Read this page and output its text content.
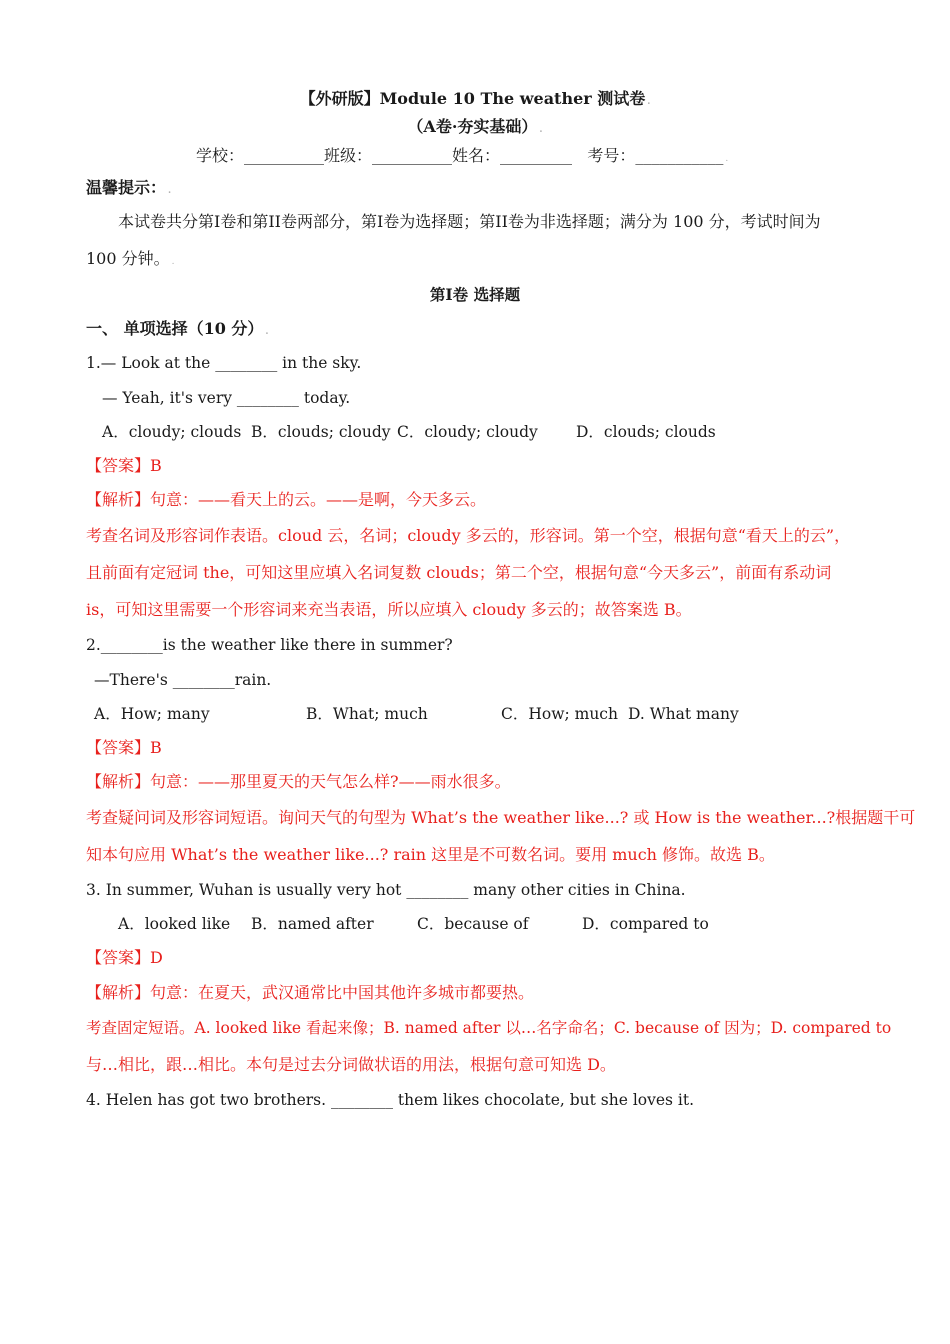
【外研版】Module 10 The weather 测试卷 .
（A卷·夯实基础） .
学校：__________班级：__________姓名：_________ 考号：___________ .
温馨提示： .
本试卷共分第I卷和第II卷两部分，第I卷为选择题；第II卷为非选择题；满分为 100 分，考试时间为
100 分钟。 .
第I卷 选择题
一、 单项选择（10 分） .
1.— Look at the ________ in the sky.
— Yeah, it's very ________ today.
A．cloudy; clouds B．clouds; cloudy C．cloudy; cloudy D．clouds; clouds
【答案】B
【解析】句意：——看天上的云。——是啊，今天多云。
考查名词及形容词作表语。cloud 云，名词；cloudy 多云的，形容词。第一个空，根据句意“看天上的云”，
且前面有定冠词 the，可知这里应填入名词复数 clouds；第二个空，根据句意“今天多云”，前面有系动词
is，可知这里需要一个形容词来充当表语，所以应填入 cloudy 多云的；故答案选 B。
2.________is the weather like there in summer?
—There's ________rain.
A．How; many	B．What; much	C．How; much D. What many
【答案】B
【解析】句意：——那里夏天的天气怎么样?——雨水很多。
考查疑问词及形容词短语。询问天气的句型为 What’s the weather like...? 或 How is the weather...?根据题干可
知本句应用 What’s the weather like...? rain 这里是不可数名词。要用 much 修饰。故选 B。
3. In summer, Wuhan is usually very hot ________ many other cities in China.
A．looked like B．named after	C．because of	D．compared to
【答案】D
【解析】句意：在夏天，武汉通常比中国其他许多城市都要热。
考查固定短语。A. looked like 看起来像；B. named after 以…名字命名；C. because of 因为；D. compared to
与…相比，跟…相比。本句是过去分词做状语的用法，根据句意可知选 D。
4. Helen has got two brothers. ________ them likes chocolate, but she loves it.
